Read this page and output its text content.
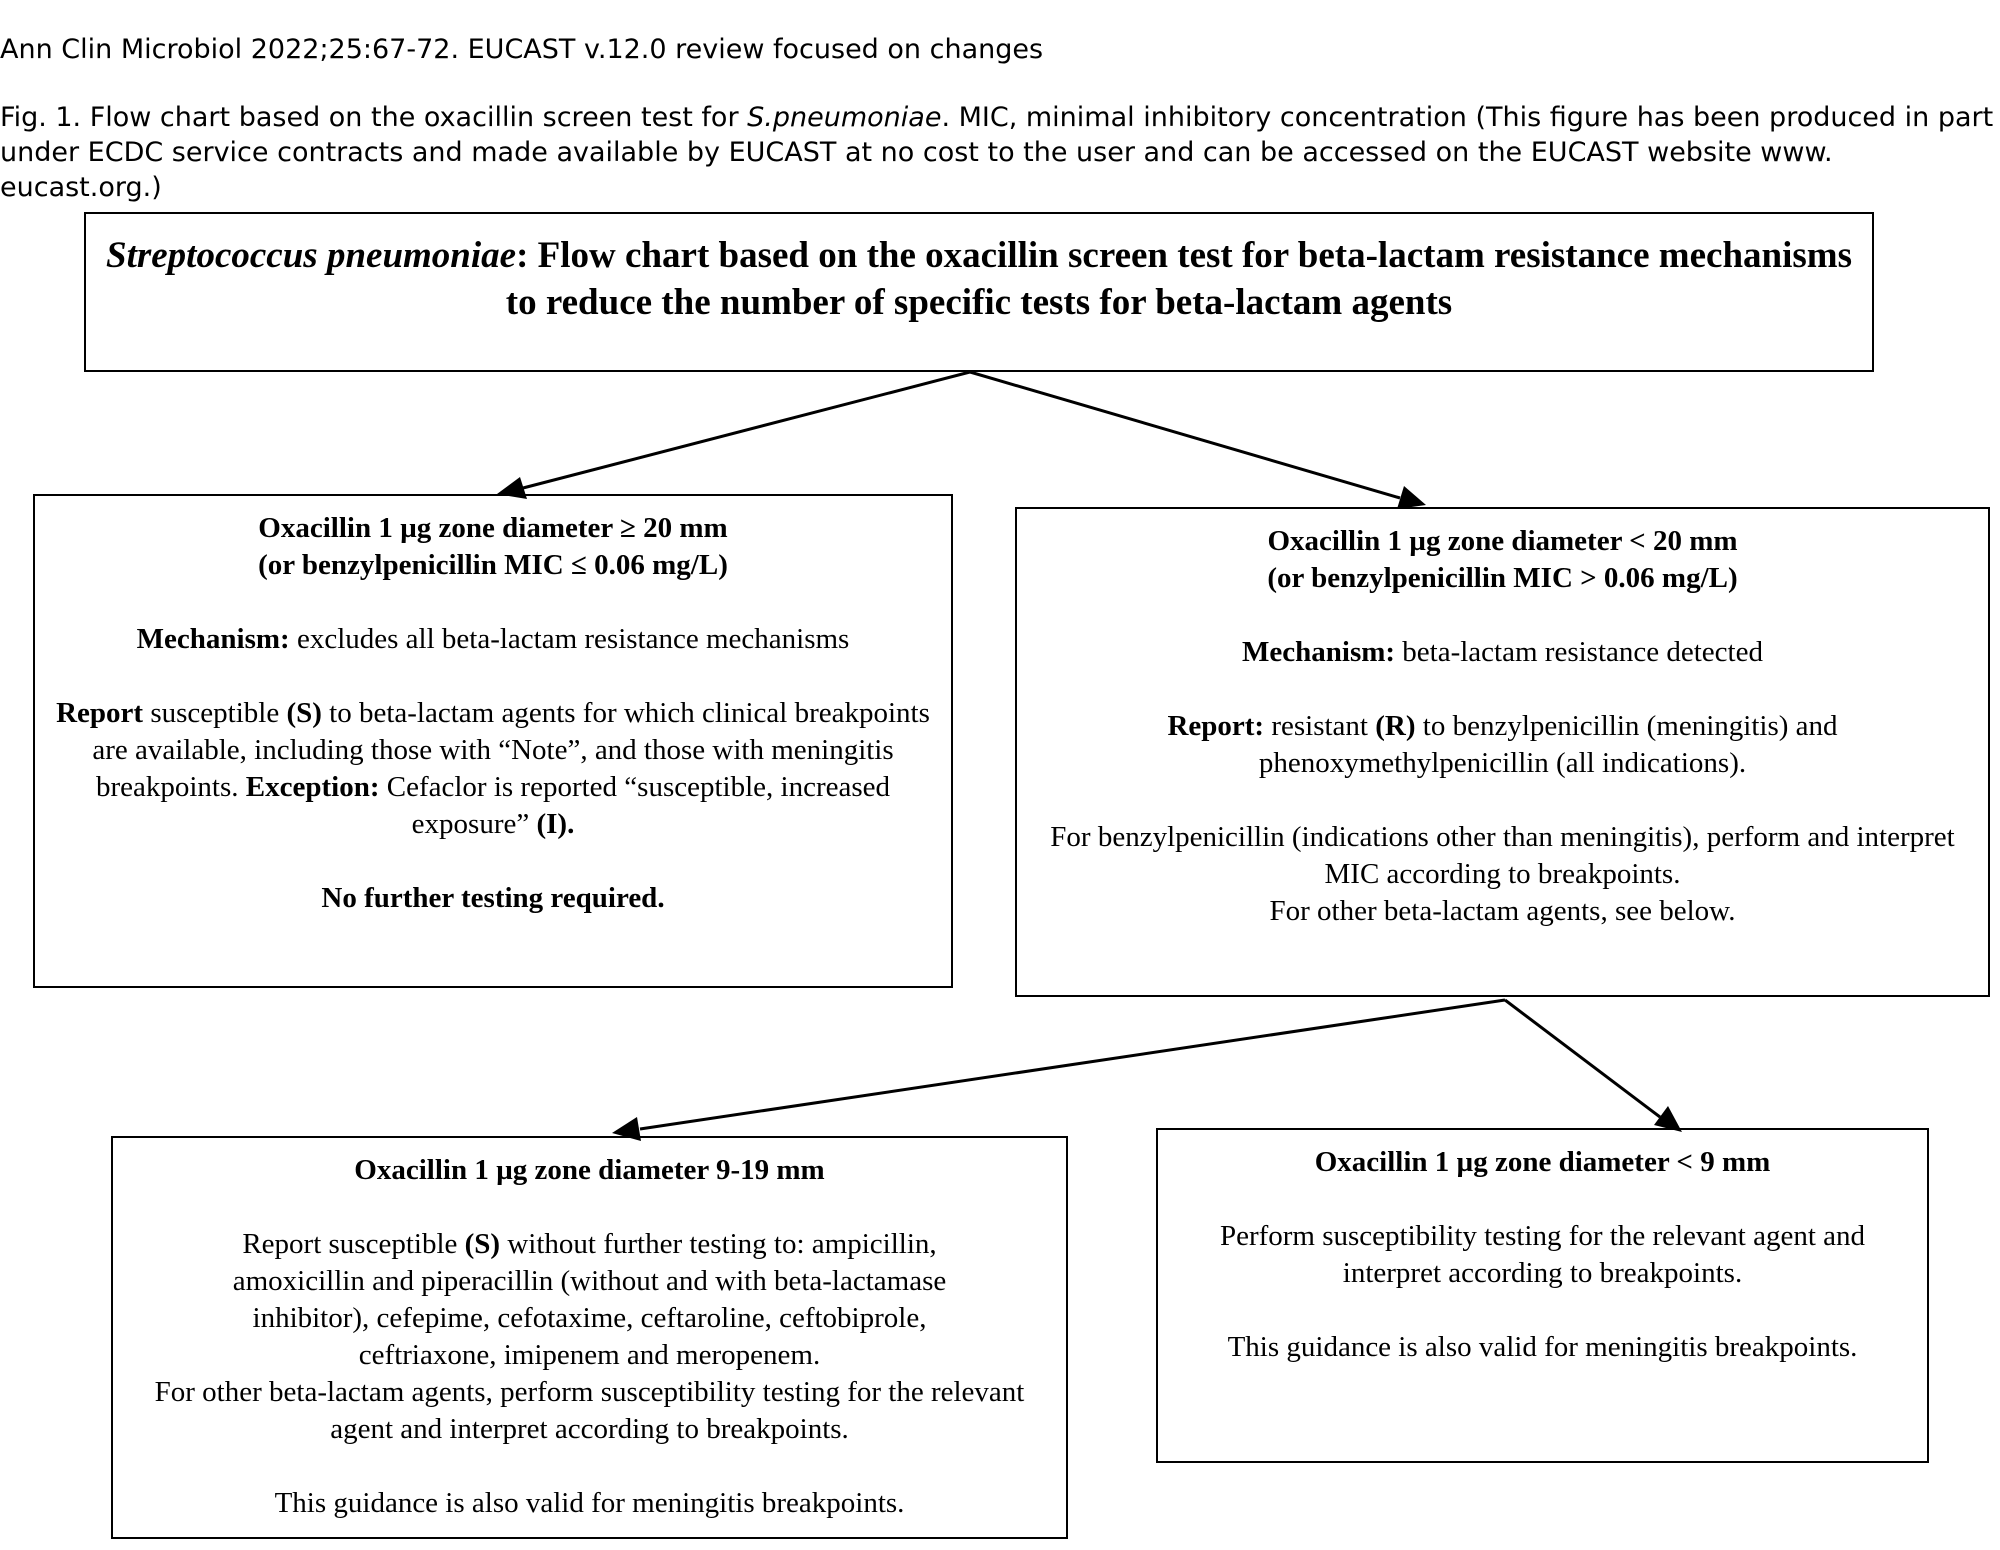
Ann Clin Microbiol 2022;25:67-72. EUCAST v.12.0 review focused on changes
Fig. 1. Flow chart based on the oxacillin screen test for S.pneumoniae. MIC, minimal inhibitory concentration (This figure has been produced in part under ECDC service contracts and made available by EUCAST at no cost to the user and can be accessed on the EUCAST website www. eucast.org.)
Streptococcus pneumoniae: Flow chart based on the oxacillin screen test for beta-lactam resistance mechanisms to reduce the number of specific tests for beta-lactam agents

Oxacillin 1 µg zone diameter ≥ 20 mm

(or benzylpenicillin MIC ≤ 0.06 mg/L)

Mechanism: excludes all beta-lactam resistance mechanisms

Report susceptible (S) to beta-lactam agents for which clinical breakpoints are available, including those with “Note”, and those with meningitis breakpoints. Exception: Cefaclor is reported “susceptible, increased exposure” (I).

No further testing required.

Oxacillin 1 µg zone diameter < 20 mm

(or benzylpenicillin MIC > 0.06 mg/L)

Mechanism: beta-lactam resistance detected

Report: resistant (R) to benzylpenicillin (meningitis) and phenoxymethylpenicillin (all indications).

For benzylpenicillin (indications other than meningitis), perform and interpret MIC according to breakpoints.

For other beta-lactam agents, see below.

Oxacillin 1 µg zone diameter 9-19 mm

Report susceptible (S) without further testing to: ampicillin, amoxicillin and piperacillin (without and with beta-lactamase inhibitor), cefepime, cefotaxime, ceftaroline, ceftobiprole, ceftriaxone, imipenem and meropenem.

For other beta-lactam agents, perform susceptibility testing for the relevant agent and interpret according to breakpoints.

This guidance is also valid for meningitis breakpoints.

Oxacillin 1 µg zone diameter < 9 mm

Perform susceptibility testing for the relevant agent and interpret according to breakpoints.

This guidance is also valid for meningitis breakpoints.
